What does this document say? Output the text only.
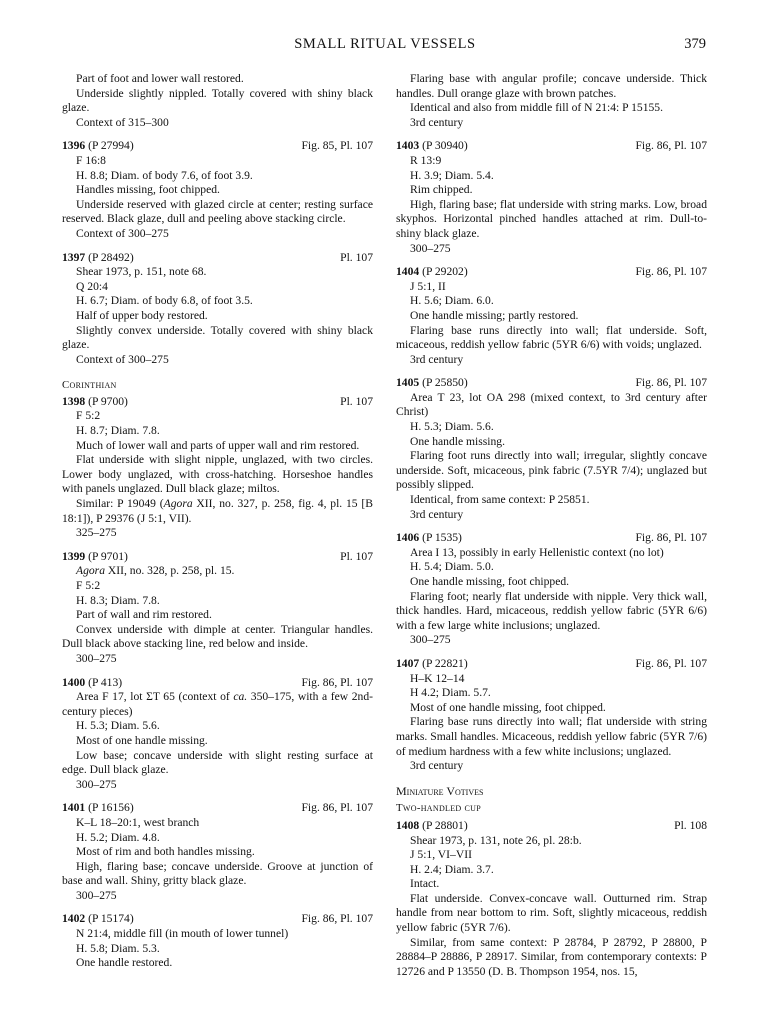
SMALL RITUAL VESSELS	379

Part of foot and lower wall restored.

Underside slightly nippled. Totally covered with shiny black glaze.

Context of 315–300

1396 (P 27994)	Fig. 85, Pl. 107

F 16:8

H. 8.8; Diam. of body 7.6, of foot 3.9.

Handles missing, foot chipped.

Underside reserved with glazed circle at center; resting surface reserved. Black glaze, dull and peeling above stacking circle.

Context of 300–275

1397 (P 28492)	Pl. 107

Shear 1973, p. 151, note 68.

Q 20:4

H. 6.7; Diam. of body 6.8, of foot 3.5.

Half of upper body restored.

Slightly convex underside. Totally covered with shiny black glaze.

Context of 300–275

Corinthian
1398 (P 9700)	Pl. 107

F 5:2

H. 8.7; Diam. 7.8.

Much of lower wall and parts of upper wall and rim restored.

Flat underside with slight nipple, unglazed, with two circles. Lower body unglazed, with cross-hatching. Horseshoe handles with panels unglazed. Dull black glaze; miltos.

Similar: P 19049 (Agora XII, no. 327, p. 258, fig. 4, pl. 15 [B 18:1]), P 29376 (J 5:1, VII).

325–275

1399 (P 9701)	Pl. 107

Agora XII, no. 328, p. 258, pl. 15.

F 5:2

H. 8.3; Diam. 7.8.

Part of wall and rim restored.

Convex underside with dimple at center. Triangular handles. Dull black above stacking line, red below and inside.

300–275

1400 (P 413)	Fig. 86, Pl. 107

Area F 17, lot ΣT 65 (context of ca. 350–175, with a few 2nd-century pieces)

H. 5.3; Diam. 5.6.

Most of one handle missing.

Low base; concave underside with slight resting surface at edge. Dull black glaze.

300–275

1401 (P 16156)	Fig. 86, Pl. 107

K–L 18–20:1, west branch

H. 5.2; Diam. 4.8.

Most of rim and both handles missing.

High, flaring base; concave underside. Groove at junction of base and wall. Shiny, gritty black glaze.

300–275

1402 (P 15174)	Fig. 86, Pl. 107

N 21:4, middle fill (in mouth of lower tunnel)

H. 5.8; Diam. 5.3.

One handle restored.

Flaring base with angular profile; concave underside. Thick handles. Dull orange glaze with brown patches.

Identical and also from middle fill of N 21:4: P 15155.

3rd century

1403 (P 30940)	Fig. 86, Pl. 107

R 13:9

H. 3.9; Diam. 5.4.

Rim chipped.

High, flaring base; flat underside with string marks. Low, broad skyphos. Horizontal pinched handles attached at rim. Dull-to-shiny black glaze.

300–275

1404 (P 29202)	Fig. 86, Pl. 107

J 5:1, II

H. 5.6; Diam. 6.0.

One handle missing; partly restored.

Flaring base runs directly into wall; flat underside. Soft, micaceous, reddish yellow fabric (5YR 6/6) with voids; unglazed.

3rd century

1405 (P 25850)	Fig. 86, Pl. 107

Area T 23, lot OA 298 (mixed context, to 3rd century after Christ)

H. 5.3; Diam. 5.6.

One handle missing.

Flaring foot runs directly into wall; irregular, slightly concave underside. Soft, micaceous, pink fabric (7.5YR 7/4); unglazed but possibly slipped.

Identical, from same context: P 25851.

3rd century

1406 (P 1535)	Fig. 86, Pl. 107

Area I 13, possibly in early Hellenistic context (no lot)

H. 5.4; Diam. 5.0.

One handle missing, foot chipped.

Flaring foot; nearly flat underside with nipple. Very thick wall, thick handles. Hard, micaceous, reddish yellow fabric (5YR 6/6) with a few large white inclusions; unglazed.

300–275

1407 (P 22821)	Fig. 86, Pl. 107

H–K 12–14

H 4.2; Diam. 5.7.

Most of one handle missing, foot chipped.

Flaring base runs directly into wall; flat underside with string marks. Small handles. Micaceous, reddish yellow fabric (5YR 7/6) of medium hardness with a few white inclusions; unglazed.

3rd century

Miniature Votives
Two-handled cup
1408 (P 28801)	Pl. 108

Shear 1973, p. 131, note 26, pl. 28:b.

J 5:1, VI–VII

H. 2.4; Diam. 3.7.

Intact.

Flat underside. Convex-concave wall. Outturned rim. Strap handle from near bottom to rim. Soft, slightly micaceous, reddish yellow fabric (5YR 7/6).

Similar, from same context: P 28784, P 28792, P 28800, P 28884–P 28886, P 28917. Similar, from contemporary contexts: P 12726 and P 13550 (D. B. Thompson 1954, nos. 15,
